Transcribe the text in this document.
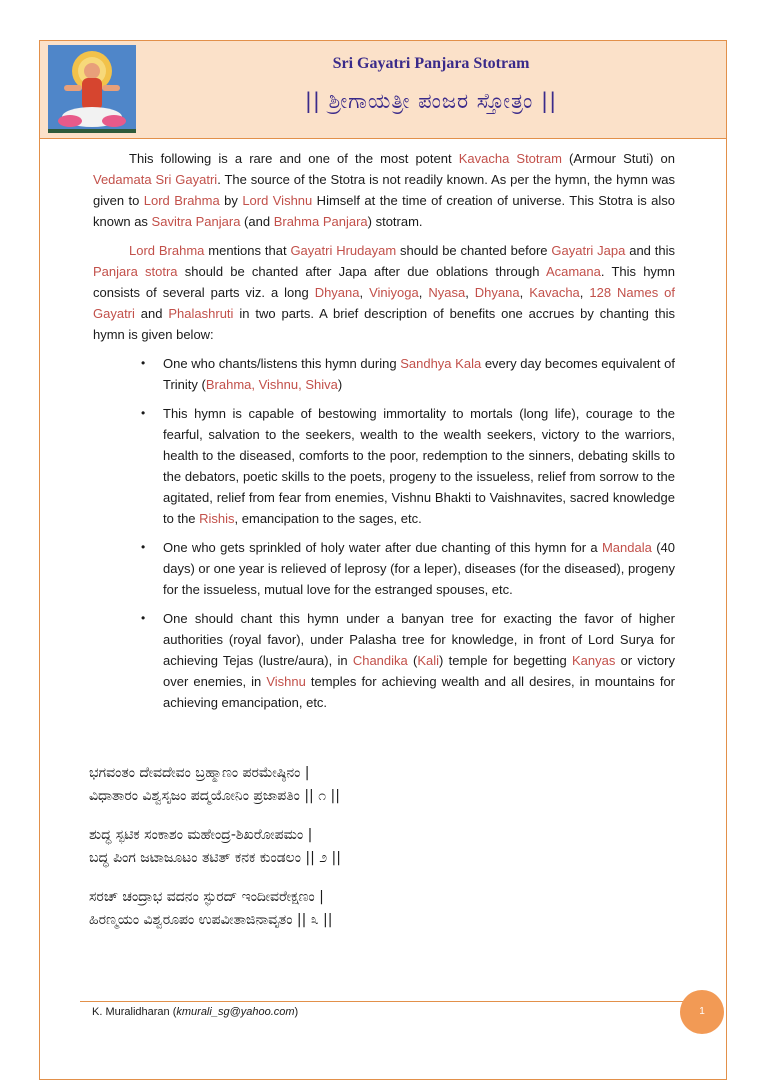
Sri Gayatri Panjara Stotram
|| ಶ್ರೀಗಾಯತ್ರೀ ಪಂಜರ ಸ್ತೋತ್ರಂ ||

This following is a rare and one of the most potent Kavacha Stotram (Armour Stuti) on Vedamata Sri Gayatri. The source of the Stotra is not readily known. As per the hymn, the hymn was given to Lord Brahma by Lord Vishnu Himself at the time of creation of universe. This Stotra is also known as Savitra Panjara (and Brahma Panjara) stotram.

Lord Brahma mentions that Gayatri Hrudayam should be chanted before Gayatri Japa and this Panjara stotra should be chanted after Japa after due oblations through Acamana. This hymn consists of several parts viz. a long Dhyana, Viniyoga, Nyasa, Dhyana, Kavacha, 128 Names of Gayatri and Phalashruti in two parts. A brief description of benefits one accrues by chanting this hymn is given below:

• One who chants/listens this hymn during Sandhya Kala every day becomes equivalent of Trinity (Brahma, Vishnu, Shiva)
• This hymn is capable of bestowing immortality to mortals (long life), courage to the fearful, salvation to the seekers, wealth to the wealth seekers, victory to the warriors, health to the diseased, comforts to the poor, redemption to the sinners, debating skills to the debators, poetic skills to the poets, progeny to the issueless, relief from sorrow to the agitated, relief from fear from enemies, Vishnu Bhakti to Vaishnavites, sacred knowledge to the Rishis, emancipation to the sages, etc.
• One who gets sprinkled of holy water after due chanting of this hymn for a Mandala (40 days) or one year is relieved of leprosy (for a leper), diseases (for the diseased), progeny for the issueless, mutual love for the estranged spouses, etc.
• One should chant this hymn under a banyan tree for exacting the favor of higher authorities (royal favor), under Palasha tree for knowledge, in front of Lord Surya for achieving Tejas (lustre/aura), in Chandika (Kali) temple for begetting Kanyas or victory over enemies, in Vishnu temples for achieving wealth and all desires, in mountains for achieving emancipation, etc.
ಭಗವಂತಂ ದೇವದೇವಂ ಬ್ರಹ್ಮಾಣಂ ಪರಮೇಷ್ಠಿನಂ |
ವಿಧಾತಾರಂ ವಿಶ್ವಸೃಜಂ ಪದ್ಮಯೋನಿಂ ಪ್ರಜಾಪತಿಂ || ೧ ||
ಶುದ್ಧ ಸ್ಫಟಿಕ ಸಂಕಾಶಂ ಮಹೇಂದ್ರ-ಶಿಖರೋಪಮಂ |
ಬದ್ಧ ಪಿಂಗ ಜಟಾಜೂಟಂ ತಟಿತ್ ಕನಕ ಕುಂಡಲಂ || ೨ ||
ಸರಚ್ ಚಂದ್ರಾಭ ವದನಂ ಸ್ಫುರದ್ ಇಂದೀವರೇಕ್ಷಣಂ |
ಹಿರಣ್ಮಯಂ ವಿಶ್ವರೂಪಂ ಉಪವೀತಾಜಿನಾವೃತಂ || ೩ ||
K. Muralidharan (kmurali_sg@yahoo.com)	1
